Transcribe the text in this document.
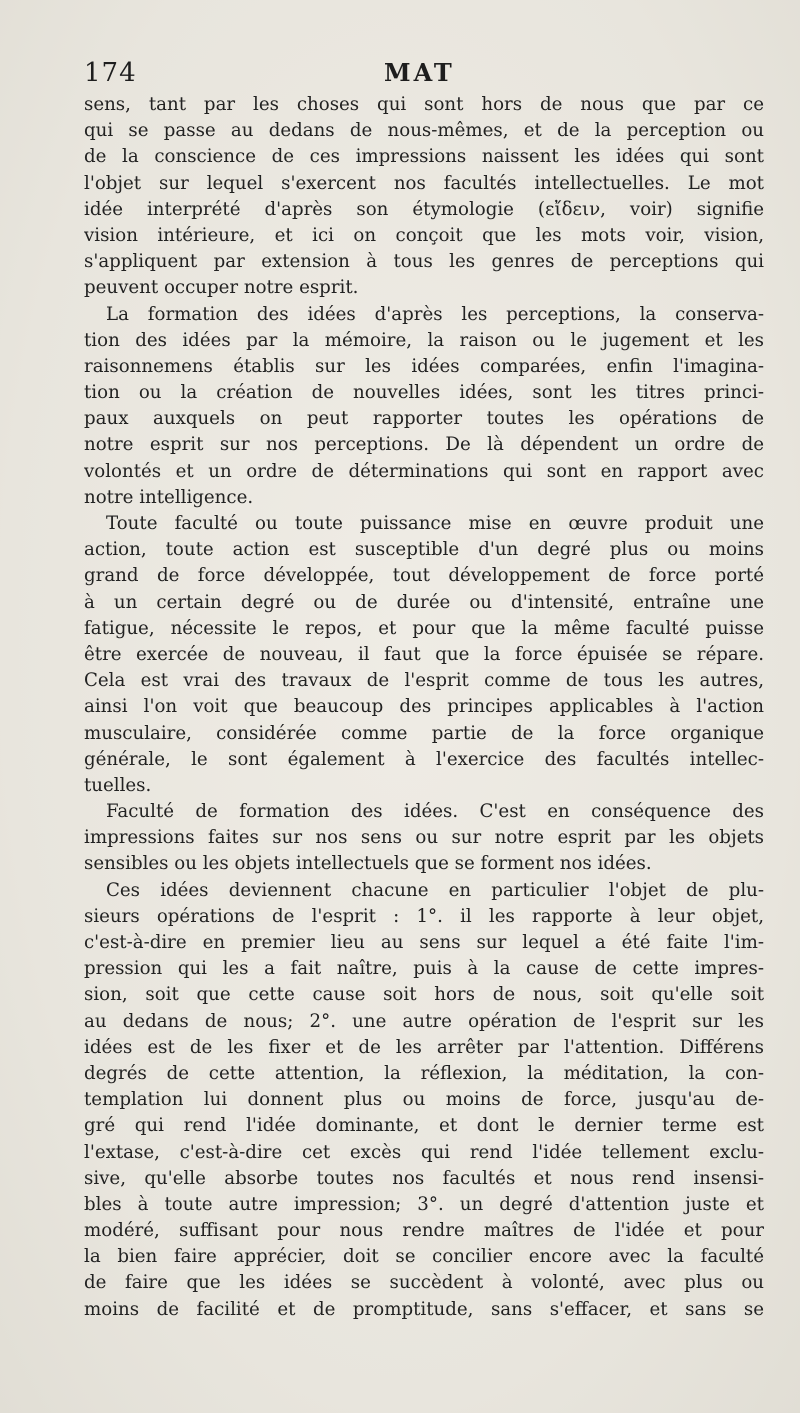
174	MAT
sens, tant par les choses qui sont hors de nous que par ce
qui se passe au dedans de nous-mêmes, et de la perception ou
de la conscience de ces impressions naissent les idées qui sont
l'objet sur lequel s'exercent nos facultés intellectuelles. Le mot
idée interprété d'après son étymologie (εἴδειν, voir) signifie
vision intérieure, et ici on conçoit que les mots voir, vision,
s'appliquent par extension à tous les genres de perceptions qui
peuvent occuper notre esprit.
La formation des idées d'après les perceptions, la conserva-
tion des idées par la mémoire, la raison ou le jugement et les
raisonnemens établis sur les idées comparées, enfin l'imagina-
tion ou la création de nouvelles idées, sont les titres princi-
paux auxquels on peut rapporter toutes les opérations de
notre esprit sur nos perceptions. De là dépendent un ordre de
volontés et un ordre de déterminations qui sont en rapport avec
notre intelligence.
Toute faculté ou toute puissance mise en œuvre produit une
action, toute action est susceptible d'un degré plus ou moins
grand de force développée, tout développement de force porté
à un certain degré ou de durée ou d'intensité, entraîne une
fatigue, nécessite le repos, et pour que la même faculté puisse
être exercée de nouveau, il faut que la force épuisée se répare.
Cela est vrai des travaux de l'esprit comme de tous les autres,
ainsi l'on voit que beaucoup des principes applicables à l'action
musculaire, considérée comme partie de la force organique
générale, le sont également à l'exercice des facultés intellec-
tuelles.
Faculté de formation des idées. C'est en conséquence des
impressions faites sur nos sens ou sur notre esprit par les objets
sensibles ou les objets intellectuels que se forment nos idées.
Ces idées deviennent chacune en particulier l'objet de plu-
sieurs opérations de l'esprit : 1°. il les rapporte à leur objet,
c'est-à-dire en premier lieu au sens sur lequel a été faite l'im-
pression qui les a fait naître, puis à la cause de cette impres-
sion, soit que cette cause soit hors de nous, soit qu'elle soit
au dedans de nous; 2°. une autre opération de l'esprit sur les
idées est de les fixer et de les arrêter par l'attention. Différens
degrés de cette attention, la réflexion, la méditation, la con-
templation lui donnent plus ou moins de force, jusqu'au de-
gré qui rend l'idée dominante, et dont le dernier terme est
l'extase, c'est-à-dire cet excès qui rend l'idée tellement exclu-
sive, qu'elle absorbe toutes nos facultés et nous rend insensi-
bles à toute autre impression; 3°. un degré d'attention juste et
modéré, suffisant pour nous rendre maîtres de l'idée et pour
la bien faire apprécier, doit se concilier encore avec la faculté
de faire que les idées se succèdent à volonté, avec plus ou
moins de facilité et de promptitude, sans s'effacer, et sans se
